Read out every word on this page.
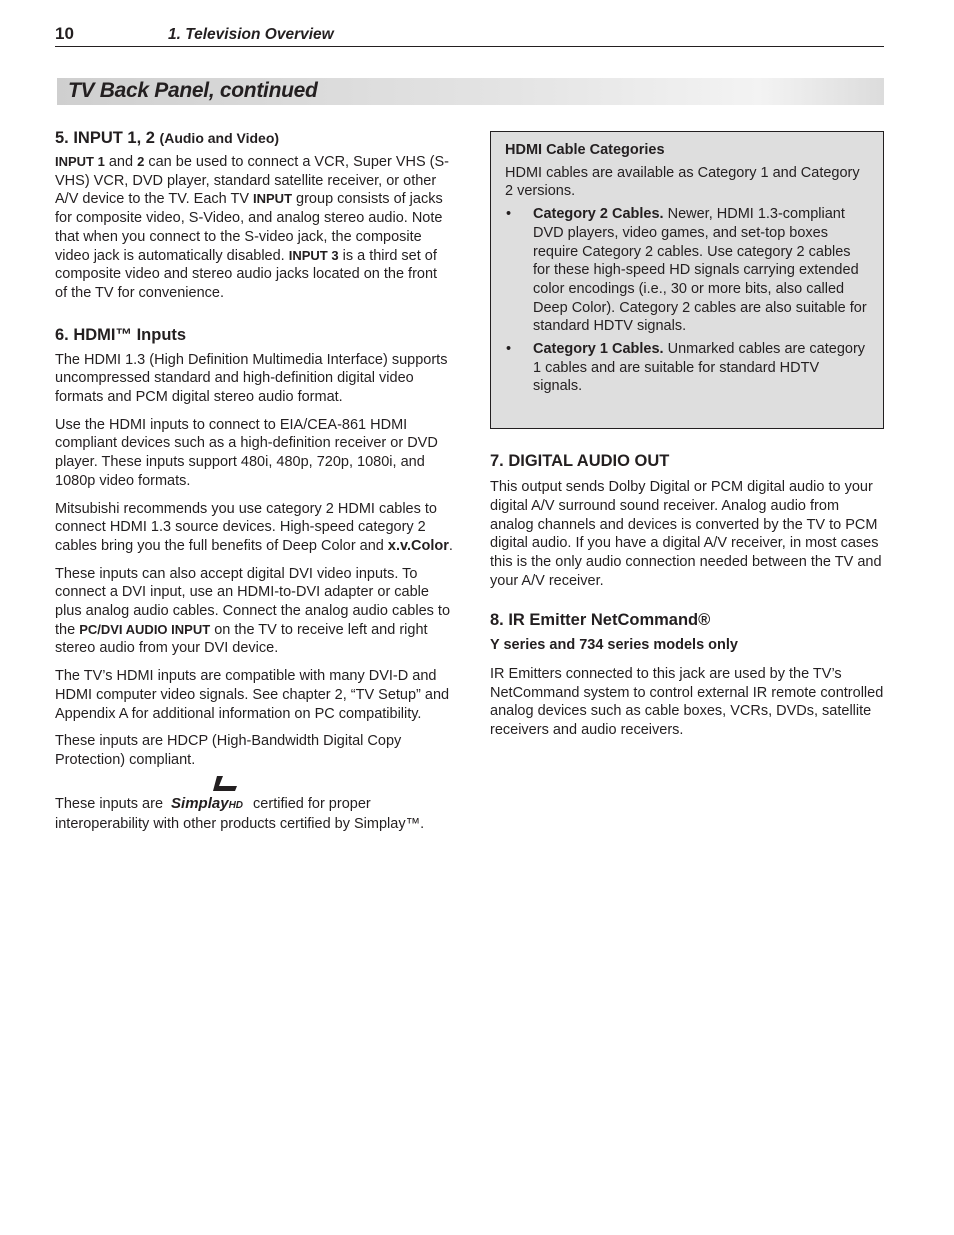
10	1. Television Overview
TV Back Panel, continued
5. INPUT 1, 2 (Audio and Video)

INPUT 1 and 2 can be used to connect a VCR, Super VHS (S-VHS) VCR, DVD player, standard satellite receiver, or other A/V device to the TV. Each TV INPUT group consists of jacks for composite video, S-Video, and analog stereo audio. Note that when you connect to the S-video jack, the composite video jack is automatically disabled. INPUT 3 is a third set of composite video and stereo audio jacks located on the front of the TV for convenience.

6. HDMI™ Inputs

The HDMI 1.3 (High Definition Multimedia Interface) supports uncompressed standard and high-definition digital video formats and PCM digital stereo audio format.

Use the HDMI inputs to connect to EIA/CEA-861 HDMI compliant devices such as a high-definition receiver or DVD player. These inputs support 480i, 480p, 720p, 1080i, and 1080p video formats.

Mitsubishi recommends you use category 2 HDMI cables to connect HDMI 1.3 source devices. High-speed category 2 cables bring you the full benefits of Deep Color and x.v.Color.

These inputs can also accept digital DVI video inputs. To connect a DVI input, use an HDMI-to-DVI adapter or cable plus analog audio cables. Connect the analog audio cables to the PC/DVI AUDIO INPUT on the TV to receive left and right stereo audio from your DVI device.

The TV’s HDMI inputs are compatible with many DVI-D and HDMI computer video signals. See chapter 2, “TV Setup” and Appendix A for additional information on PC compatibility.

These inputs are HDCP (High-Bandwidth Digital Copy Protection) compliant.

These inputs are SimplayHD
certified for proper interoperability with other products certified by Simplay™.

HDMI Cable Categories

HDMI cables are available as Category 1 and Category 2 versions.

• Category 2 Cables. Newer, HDMI 1.3-compliant DVD players, video games, and set-top boxes require Category 2 cables. Use category 2 cables for these high-speed HD signals carrying extended color encodings (i.e., 30 or more bits, also called Deep Color). Category 2 cables are also suitable for standard HDTV signals.
• Category 1 Cables. Unmarked cables are category 1 cables and are suitable for standard HDTV signals.
7. DIGITAL AUDIO OUT

This output sends Dolby Digital or PCM digital audio to your digital A/V surround sound receiver. Analog audio from analog channels and devices is converted by the TV to PCM digital audio. If you have a digital A/V receiver, in most cases this is the only audio connection needed between the TV and your A/V receiver.

8. IR Emitter NetCommand®

Y series and 734 series models only

IR Emitters connected to this jack are used by the TV’s NetCommand system to control external IR remote controlled analog devices such as cable boxes, VCRs, DVDs, satellite receivers and audio receivers.
